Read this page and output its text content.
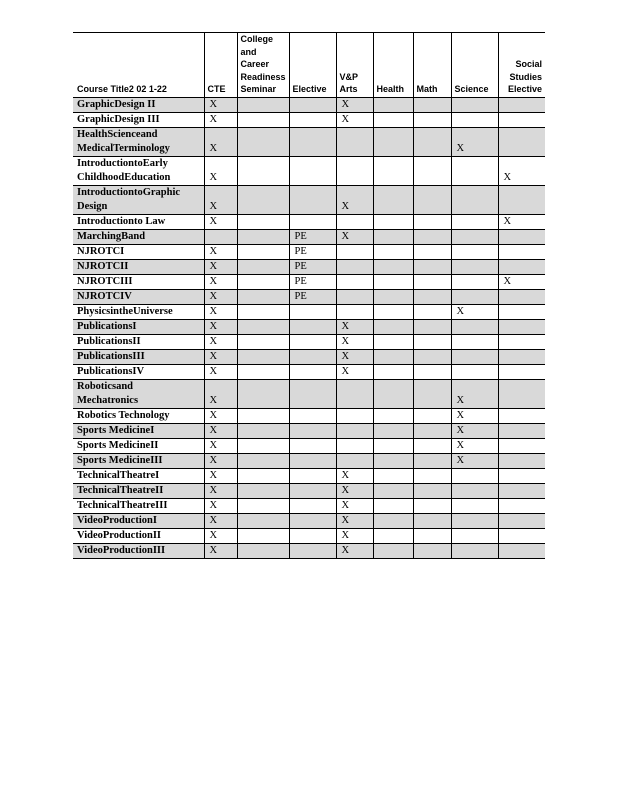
Course Title2 02 1-22	CTE	College
and
Career
Readiness
Seminar	Elective	V&P
Arts	Health	Math	Science	Social
Studies
Elective

GraphicDesign II	X			X				

GraphicDesign III	X			X				

HealthScienceand
MedicalTerminology	X						X	

IntroductiontoEarly
ChildhoodEducation	X							X

IntroductiontoGraphic
Design	X			X				

Introductionto Law	X							X

MarchingBand			PE	X				

NJROTCI	X		PE					

NJROTCII	X		PE					

NJROTCIII	X		PE					X

NJROTCIV	X		PE					

PhysicsintheUniverse	X						X	

PublicationsI	X			X				

PublicationsII	X			X				

PublicationsIII	X			X				

PublicationsIV	X			X				

Roboticsand
Mechatronics	X						X	

Robotics Technology	X						X	

Sports MedicineI	X						X	

Sports MedicineII	X						X	

Sports MedicineIII	X						X	

TechnicalTheatreI	X			X				

TechnicalTheatreII	X			X				

TechnicalTheatreIII	X			X				

VideoProductionI	X			X				

VideoProductionII	X			X				

VideoProductionIII	X			X				
